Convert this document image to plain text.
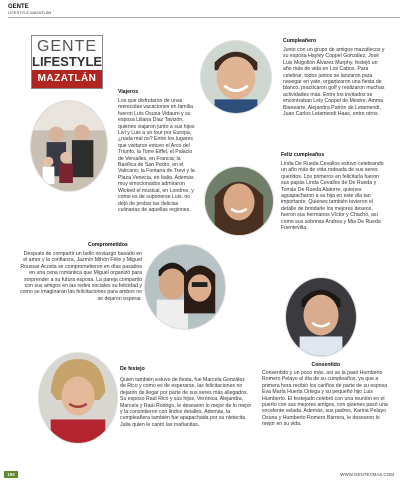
GENTE
LIFESTYLE MAZATLÁN
GENTE
LIFESTYLE
MAZATLÁN
Viajeros
Los que disfrutaron de unas merecidas vacaciones en familia fueron Luis Osuna Vidaurri y su esposa Liliana Díaz Tavizón, quienes viajaron junto a sus hijos Livi y Luis a un tour por Europa, ¿nada mal no? Entre los lugares que visitaron estuvo el Arco del Triunfo, la Torre Eiffel, el Palacio de Versalles, en Francia; la Basílica de San Pedro, en el Vaticano; la Fontana de Trevi y la Plaza Venecia, en Italia. Además muy emocionados admiraron Wicked el musical, en Londres, y como es de suponerse Luis, no dejó de probar las delicias culinarias de aquellas regiones.
Cumpleañero
Junto con un grupo de amigos mazatlecos y su esposa Hayley Coppel González, José Luis Mogollón Álvarez Murphy, festejó un año más de vida en Los Cabos. Para celebrar, todos juntos se lanzaron para navegar en yate, organizaron una fiesta de blanco, practicaron golf y realizaron muchas actividades más. Entre los invitados se encontraban Lety Coppel de Mestre, Amma Bianearte, Alejandra Patrón de Letamendi, Juan Carlos Letamendi Haas, entre otros.
Feliz cumpleaños
Linda De Rueda Cevallos estuvo celebrando un año más de vida rodeada de sus seres queridos. Los primeros en felicitarla fueron sus papás Linda Cevallos de De Rueda y Tomás De Rueda Alatorre, quienes aguapacharon a su hija en este día tan importante. Quienes también tuvieron el detalle de brindarle los mejores deseos, fueron sus hermanos Víctor y Chacho, así como sus sobrinas Andrea y Mia De Rueda Fuentevilla.
Comprometidos
Después de compartir un bello noviazgo basado en el amor y la confianza, Jazmín Mihón Félix y Miguel Roussar Acosta se comprometieron en días pasados en una cena romántica que Miguel organizó para sorprender a su futura esposa. La pareja compartió con sus amigos en las redes sociales su felicidad y como se imaginarán las felicitaciones para ambos no se dejaron esperar.
Consentido
Consentido y un poco más, así se la pasó Humberto Romero Pelayo el día de su cumpleaños, ya que a primera hora recibió los cariños de parte de su esposa Eva María Huerta Ortega y su pequeño hijo Luis Humberto. El festejado celebró con una reunión en el puerto con sus mejores amigos, con quienes pasó una excelente velada. Además, sus padres, Karina Pelayo Osuna y Humberto Romero Barrera, le desearon lo mejor en su vida.
De festejo
Quien también estuvo de fiesta, fue Marcela González de Rico y como es de esperarse, las felicitaciones no dejaron de llegar por parte de sus seres más allegados. Su esposo Raúl Rico y sus hijos, Verónica, Alejandra, Marcela y Raúl Rodrigo, le desearon lo mejor de lo mejor y la consintieron con lindos detalles. Además, la cumpleañera también fue apapachada por su nietecita Julia quien le cantó las mañanitas.
100	WWW.GENTEYMAS.COM
